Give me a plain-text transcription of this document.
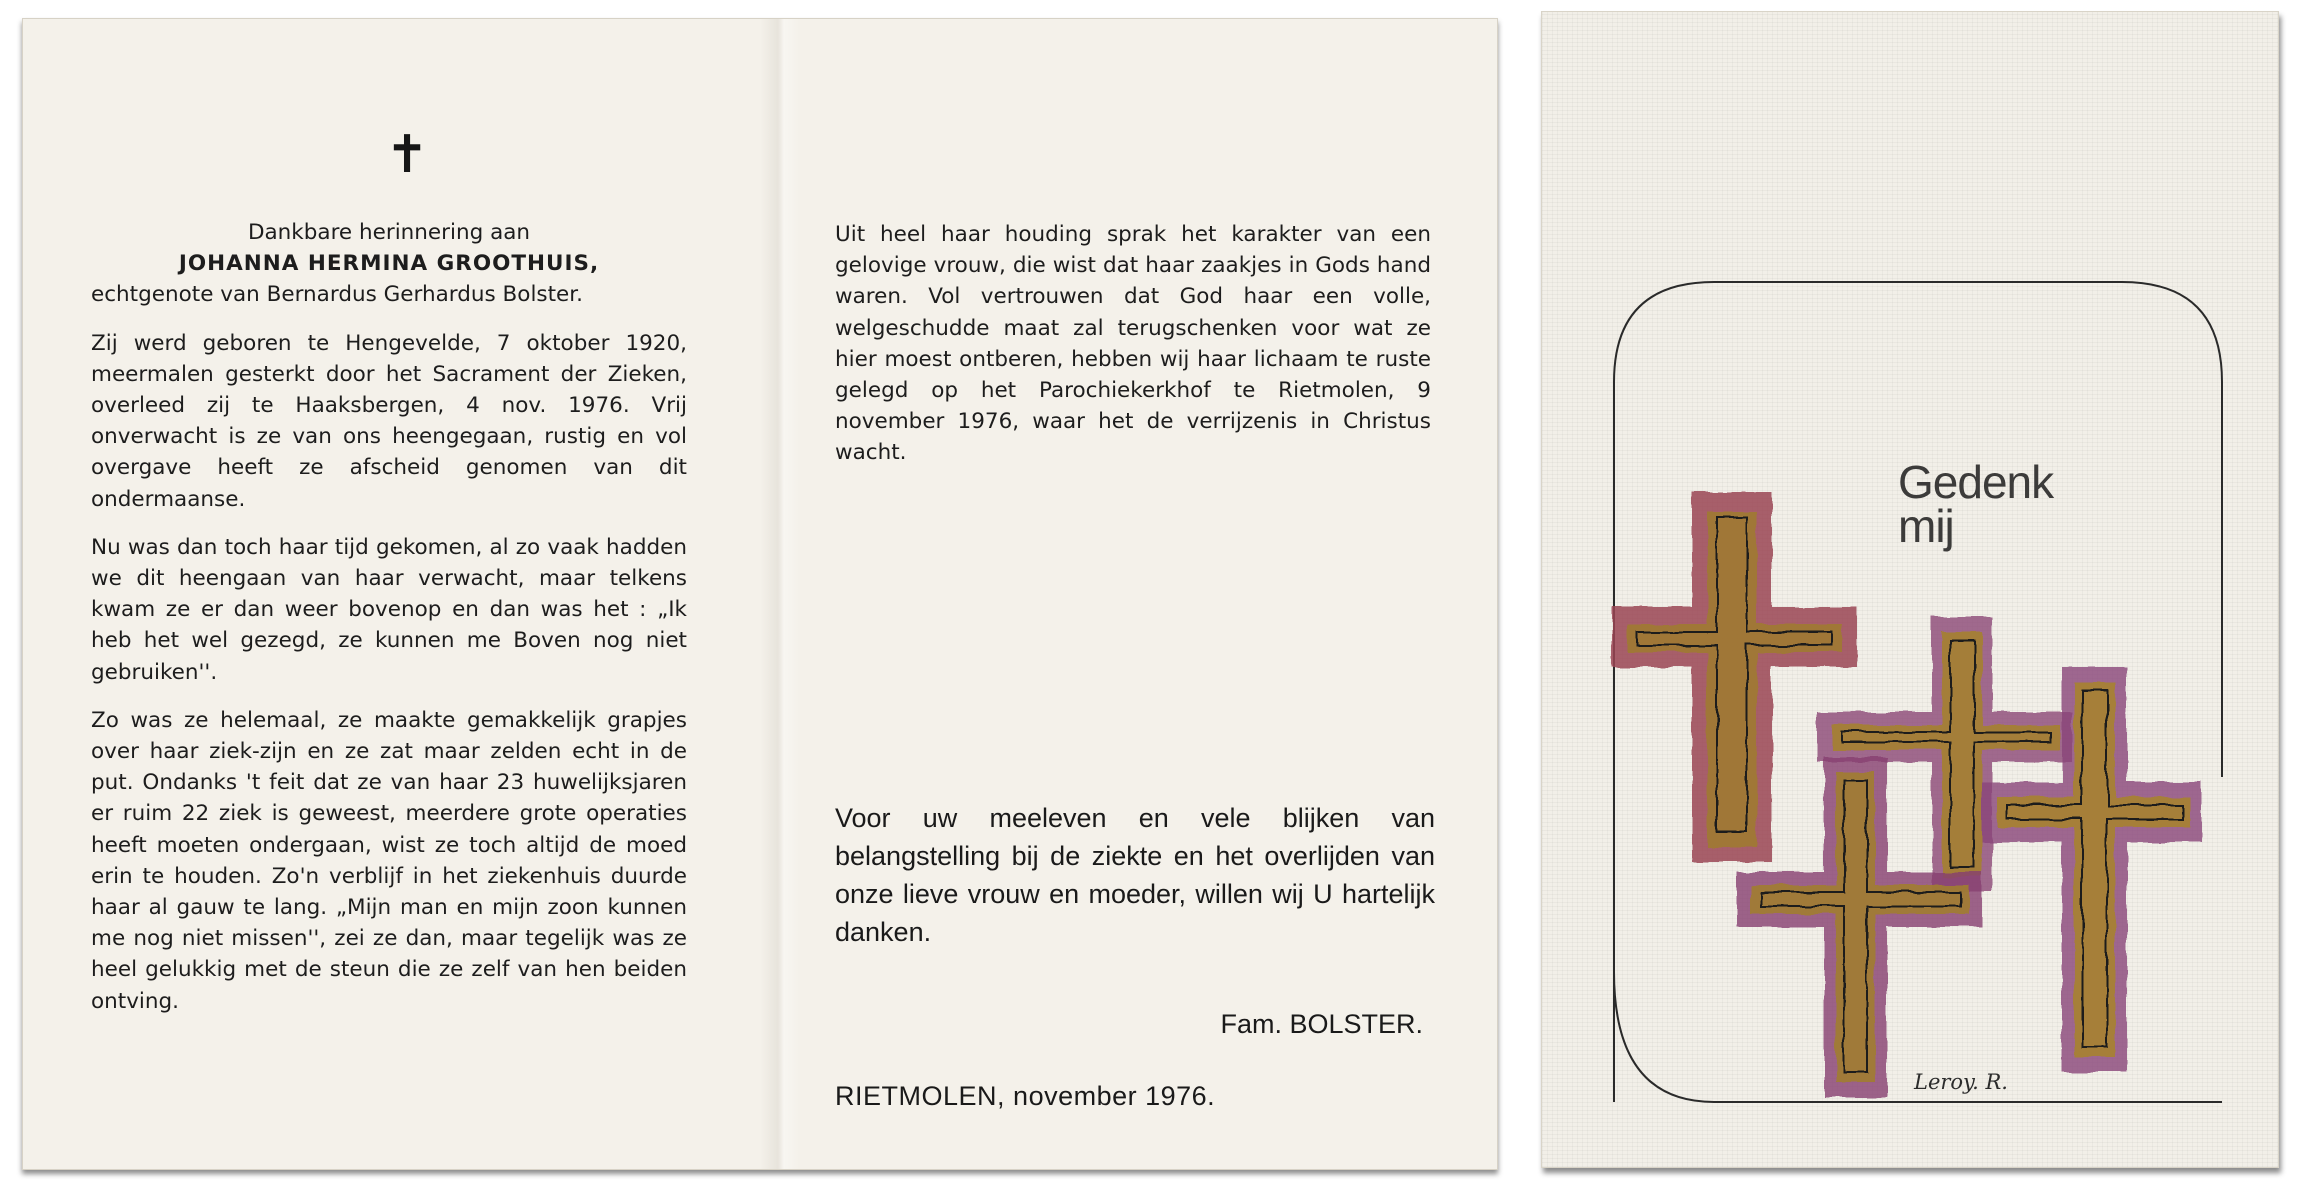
✝
Dankbare herinnering aan
JOHANNA HERMINA GROOTHUIS,

echtgenote van Bernardus Gerhardus Bolster.

Zij werd geboren te Hengevelde, 7 oktober 1920, meermalen gesterkt door het Sacrament der Zieken, overleed zij te Haaksbergen, 4 nov. 1976. Vrij onverwacht is ze van ons heengegaan, rustig en vol overgave heeft ze afscheid genomen van dit ondermaanse.

Nu was dan toch haar tijd gekomen, al zo vaak hadden we dit heengaan van haar verwacht, maar telkens kwam ze er dan weer bovenop en dan was het : „Ik heb het wel gezegd, ze kunnen me Boven nog niet gebruiken''.

Zo was ze helemaal, ze maakte gemakkelijk grapjes over haar ziek-zijn en ze zat maar zelden echt in de put. Ondanks 't feit dat ze van haar 23 huwelijksjaren er ruim 22 ziek is geweest, meerdere grote operaties heeft moeten ondergaan, wist ze toch altijd de moed erin te houden. Zo'n verblijf in het ziekenhuis duurde haar al gauw te lang. „Mijn man en mijn zoon kunnen me nog niet missen'', zei ze dan, maar tegelijk was ze heel gelukkig met de steun die ze zelf van hen beiden ontving.

Uit heel haar houding sprak het karakter van een gelovige vrouw, die wist dat haar zaakjes in Gods hand waren. Vol vertrouwen dat God haar een volle, welgeschudde maat zal terugschenken voor wat ze hier moest ontberen, hebben wij haar lichaam te ruste gelegd op het Parochiekerkhof te Rietmolen, 9 november 1976, waar het de verrijzenis in Christus wacht.

Voor uw meeleven en vele blijken van belangstelling bij de ziekte en het overlijden van onze lieve vrouw en moeder, willen wij U hartelijk danken.

Fam. BOLSTER.
RIETMOLEN, november 1976.
Gedenk
mij
Leroy. R.
